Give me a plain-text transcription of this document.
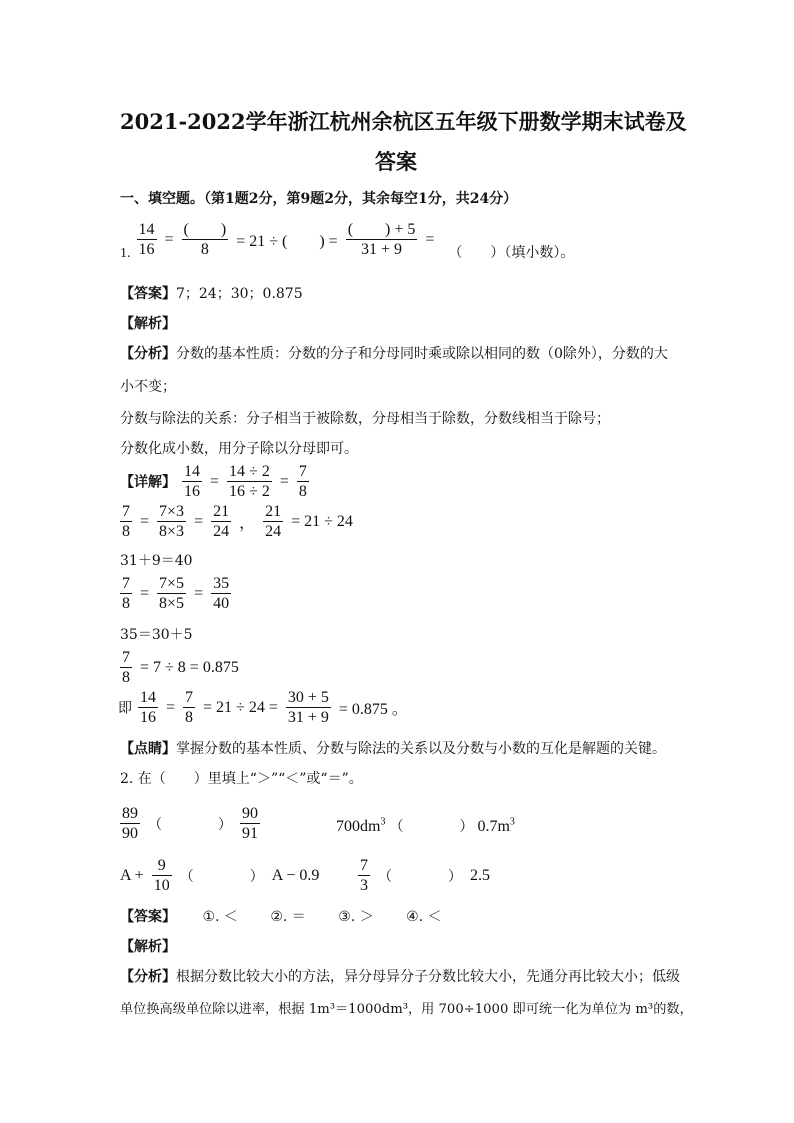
2021-2022学年浙江杭州余杭区五年级下册数学期末试卷及
答案
一、填空题。（第1题2分，第9题2分，其余每空1分，共24分）
1. $\frac{14}{16} = \frac{( )}{8} = 21$ ÷ (　　) = $\frac{( ) + 5}{31 + 9}$ = （　　）（填小数）。
【答案】7；24；30；0.875
【解析】
【分析】分数的基本性质：分数的分子和分母同时乘或除以相同的数（0除外），分数的大
小不变；
分数与除法的关系：分子相当于被除数，分母相当于除数，分数线相当于除号；
分数化成小数，用分子除以分母即可。
【详解】 $\frac{14}{16} = \frac{14 \div 2}{16 \div 2} = \frac{7}{8}$
$\frac{7}{8} = \frac{7\times 3}{8\times 3} = \frac{21}{24}$ ， $\frac{21}{24} = 21 \div 24$
31＋9＝40
$\frac{7}{8} = \frac{7\times 5}{8\times 5} = \frac{35}{40}$
35＝30＋5
$\frac{7}{8} = 7 \div 8 = 0.875$
即 $\frac{14}{16} = \frac{7}{8} = 21 \div 24 = \frac{30 + 5}{31 + 9} = 0.875$ 。
【点睛】掌握分数的基本性质、分数与除法的关系以及分数与小数的互化是解题的关键。
2. 在（　　）里填上“＞”“＜”或“＝”。
$\frac{89}{90}$ （　　　　） $\frac{90}{91}$	$700dm^3$ （　　　　） $0.7m^3$
$A + \frac{9}{10}$ （　　　　） $A - 0.9 \frac{7}{3}$ （　　　　） 2.5
【答案】 ①. ＜ ②. ＝ ③. ＞ ④. ＜
【解析】
【分析】根据分数比较大小的方法，异分母异分子分数比较大小，先通分再比较大小；低级
单位换高级单位除以进率，根据 1m³＝1000dm³，用 700÷1000 即可统一化为单位为 m³的数，
